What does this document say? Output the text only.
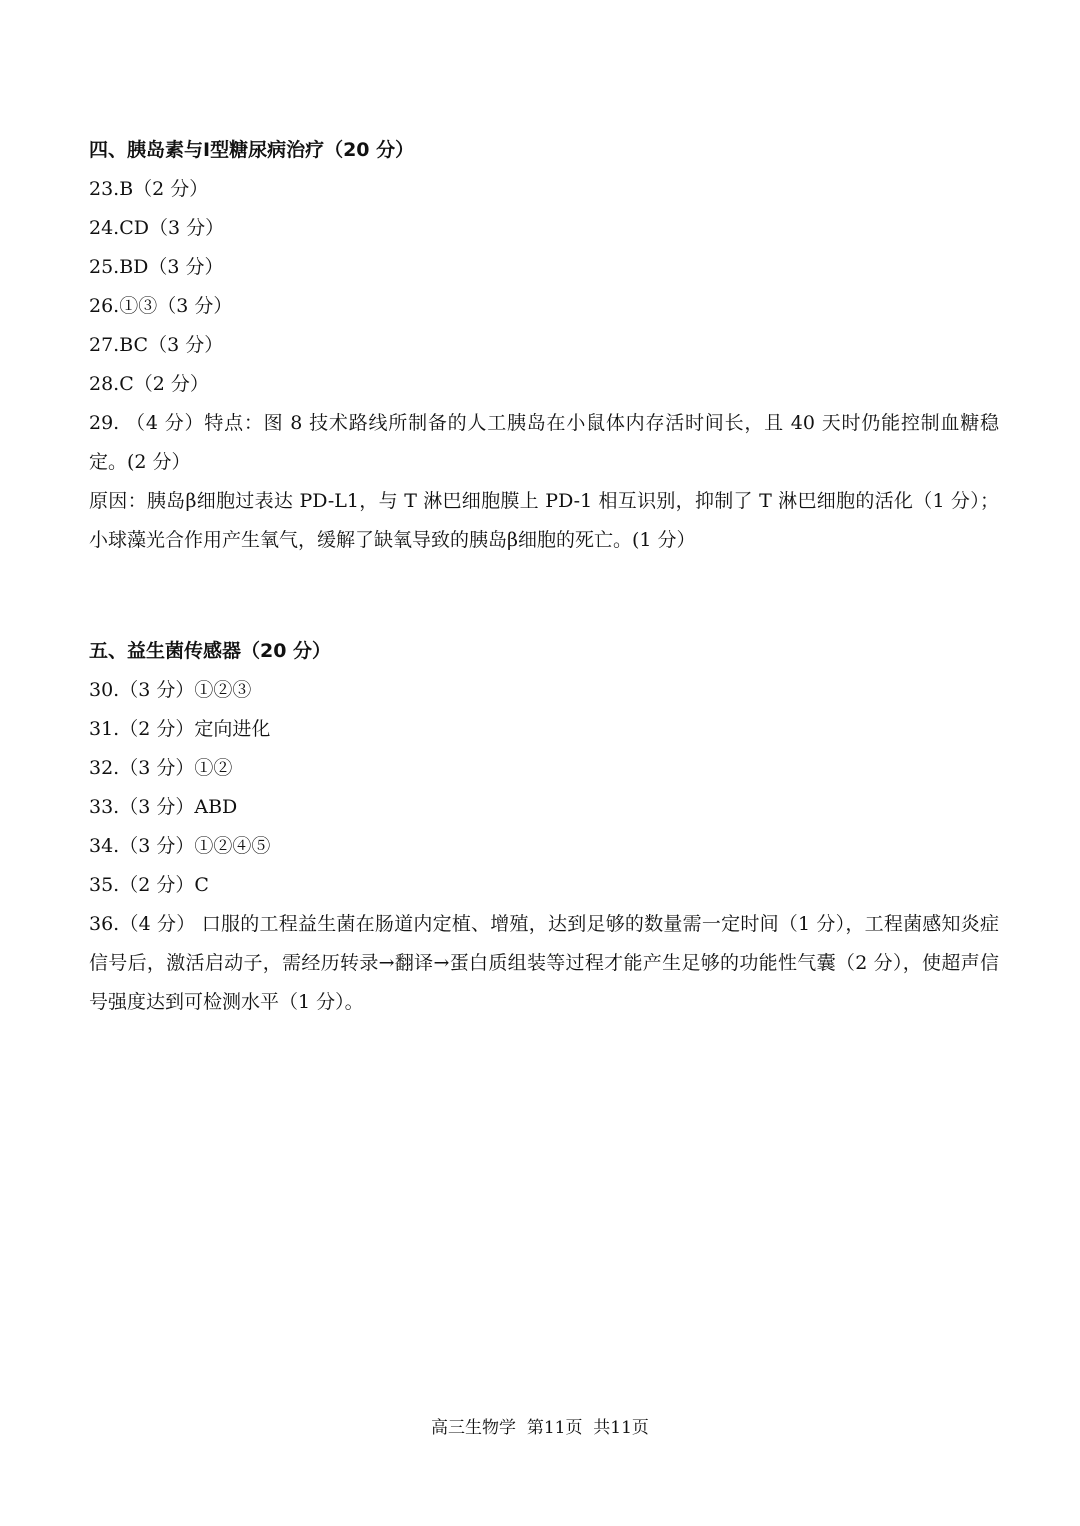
四、胰岛素与Ⅰ型糖尿病治疗（20 分）
23.B（2 分）
24.CD（3 分）
25.BD（3 分）
26.①③（3 分）
27.BC（3 分）
28.C（2 分）
29. （4 分）特点：图 8 技术路线所制备的人工胰岛在小鼠体内存活时间长，且 40 天时仍能控制血糖稳定。(2 分）
原因：胰岛β细胞过表达 PD-L1，与 T 淋巴细胞膜上 PD-1 相互识别，抑制了 T 淋巴细胞的活化（1 分）；小球藻光合作用产生氧气，缓解了缺氧导致的胰岛β细胞的死亡。(1 分）
五、益生菌传感器（20 分）
30.（3 分）①②③
31.（2 分）定向进化
32.（3 分）①②
33.（3 分）ABD
34.（3 分）①②④⑤
35.（2 分）C
36.（4 分） 口服的工程益生菌在肠道内定植、增殖，达到足够的数量需一定时间（1 分），工程菌感知炎症信号后，激活启动子，需经历转录→翻译→蛋白质组装等过程才能产生足够的功能性气囊（2 分），使超声信号强度达到可检测水平（1 分）。
高三生物学  第11页  共11页
